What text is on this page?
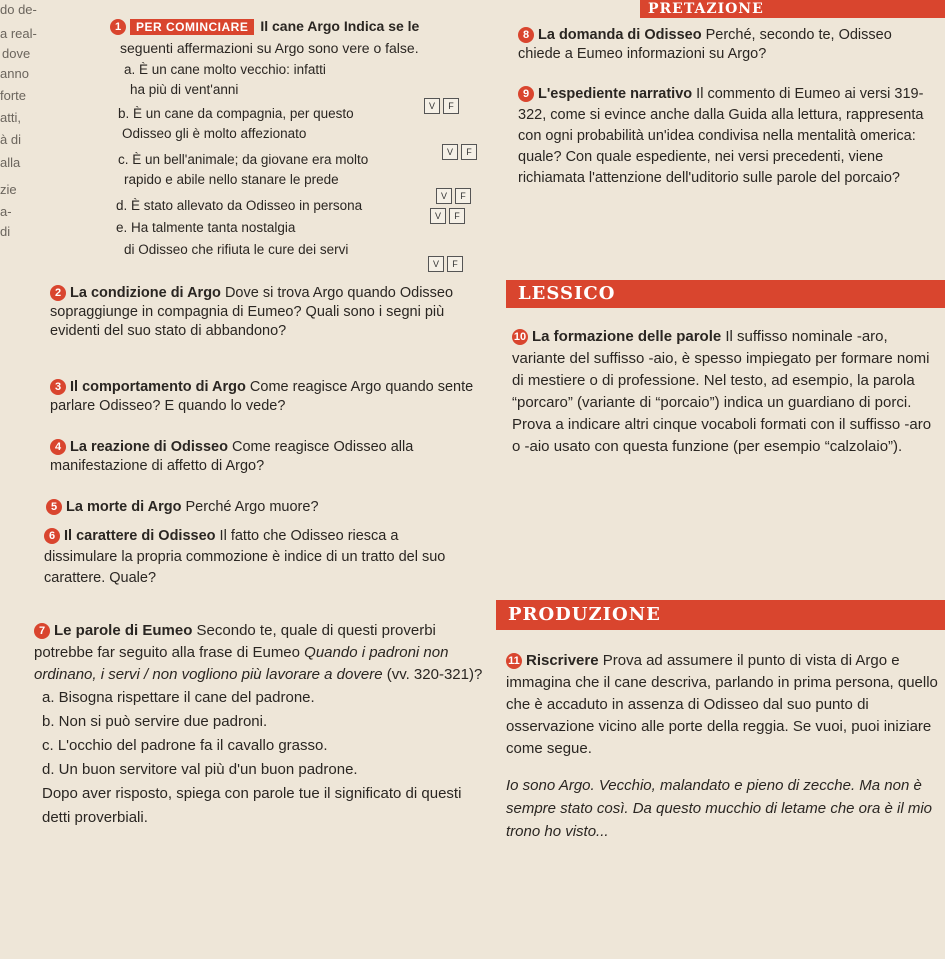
do de-
a real-
dove
anno
forte
atti,
à di
alla
zie
a-
di
1 PER COMINCIARE Il cane Argo Indica se le
seguenti affermazioni su Argo sono vere o false.
a. È un cane molto vecchio: infatti
ha più di vent'anni
V	F
b. È un cane da compagnia, per questo
Odisseo gli è molto affezionato
V	F
c. È un bell'animale; da giovane era molto
rapido e abile nello stanare le prede
V	F
d. È stato allevato da Odisseo in persona
V	F
e. Ha talmente tanta nostalgia
di Odisseo che rifiuta le cure dei servi
V	F

2 La condizione di Argo Dove si trova Argo quando Odisseo sopraggiunge in compagnia di Eumeo? Quali sono i segni più evidenti del suo stato di abbandono?

3 Il comportamento di Argo Come reagisce Argo quando sente parlare Odisseo? E quando lo vede?

4 La reazione di Odisseo Come reagisce Odisseo alla manifestazione di affetto di Argo?

5 La morte di Argo Perché Argo muore?

6 Il carattere di Odisseo Il fatto che Odisseo riesca a dissimulare la propria commozione è indice di un tratto del suo carattere. Quale?

7 Le parole di Eumeo Secondo te, quale di questi proverbi potrebbe far seguito alla frase di Eumeo Quando i padroni non ordinano, i servi / non vogliono più lavorare a dovere (vv. 320-321)?

a. Bisogna rispettare il cane del padrone.

b. Non si può servire due padroni.

c. L'occhio del padrone fa il cavallo grasso.

d. Un buon servitore val più d'un buon padrone.

Dopo aver risposto, spiega con parole tue il significato di questi detti proverbiali.

PRETAZIONE

8 La domanda di Odisseo Perché, secondo te, Odisseo chiede a Eumeo informazioni su Argo?

9 L'espediente narrativo Il commento di Eumeo ai versi 319-322, come si evince anche dalla Guida alla lettura, rappresenta con ogni probabilità un'idea condivisa nella mentalità omerica: quale? Con quale espediente, nei versi precedenti, viene richiamata l'attenzione dell'uditorio sulle parole del porcaio?

LESSICO

10 La formazione delle parole Il suffisso nominale -aro, variante del suffisso -aio, è spesso impiegato per formare nomi di mestiere o di professione. Nel testo, ad esempio, la parola “porcaro” (variante di “porcaio”) indica un guardiano di porci. Prova a indicare altri cinque vocaboli formati con il suffisso -aro o -aio usato con questa funzione (per esempio “calzolaio”).

PRODUZIONE

11 Riscrivere Prova ad assumere il punto di vista di Argo e immagina che il cane descriva, parlando in prima persona, quello che è accaduto in assenza di Odisseo dal suo punto di osservazione vicino alle porte della reggia. Se vuoi, puoi iniziare come segue.

Io sono Argo. Vecchio, malandato e pieno di zecche. Ma non è sempre stato così. Da questo mucchio di letame che ora è il mio trono ho visto...
